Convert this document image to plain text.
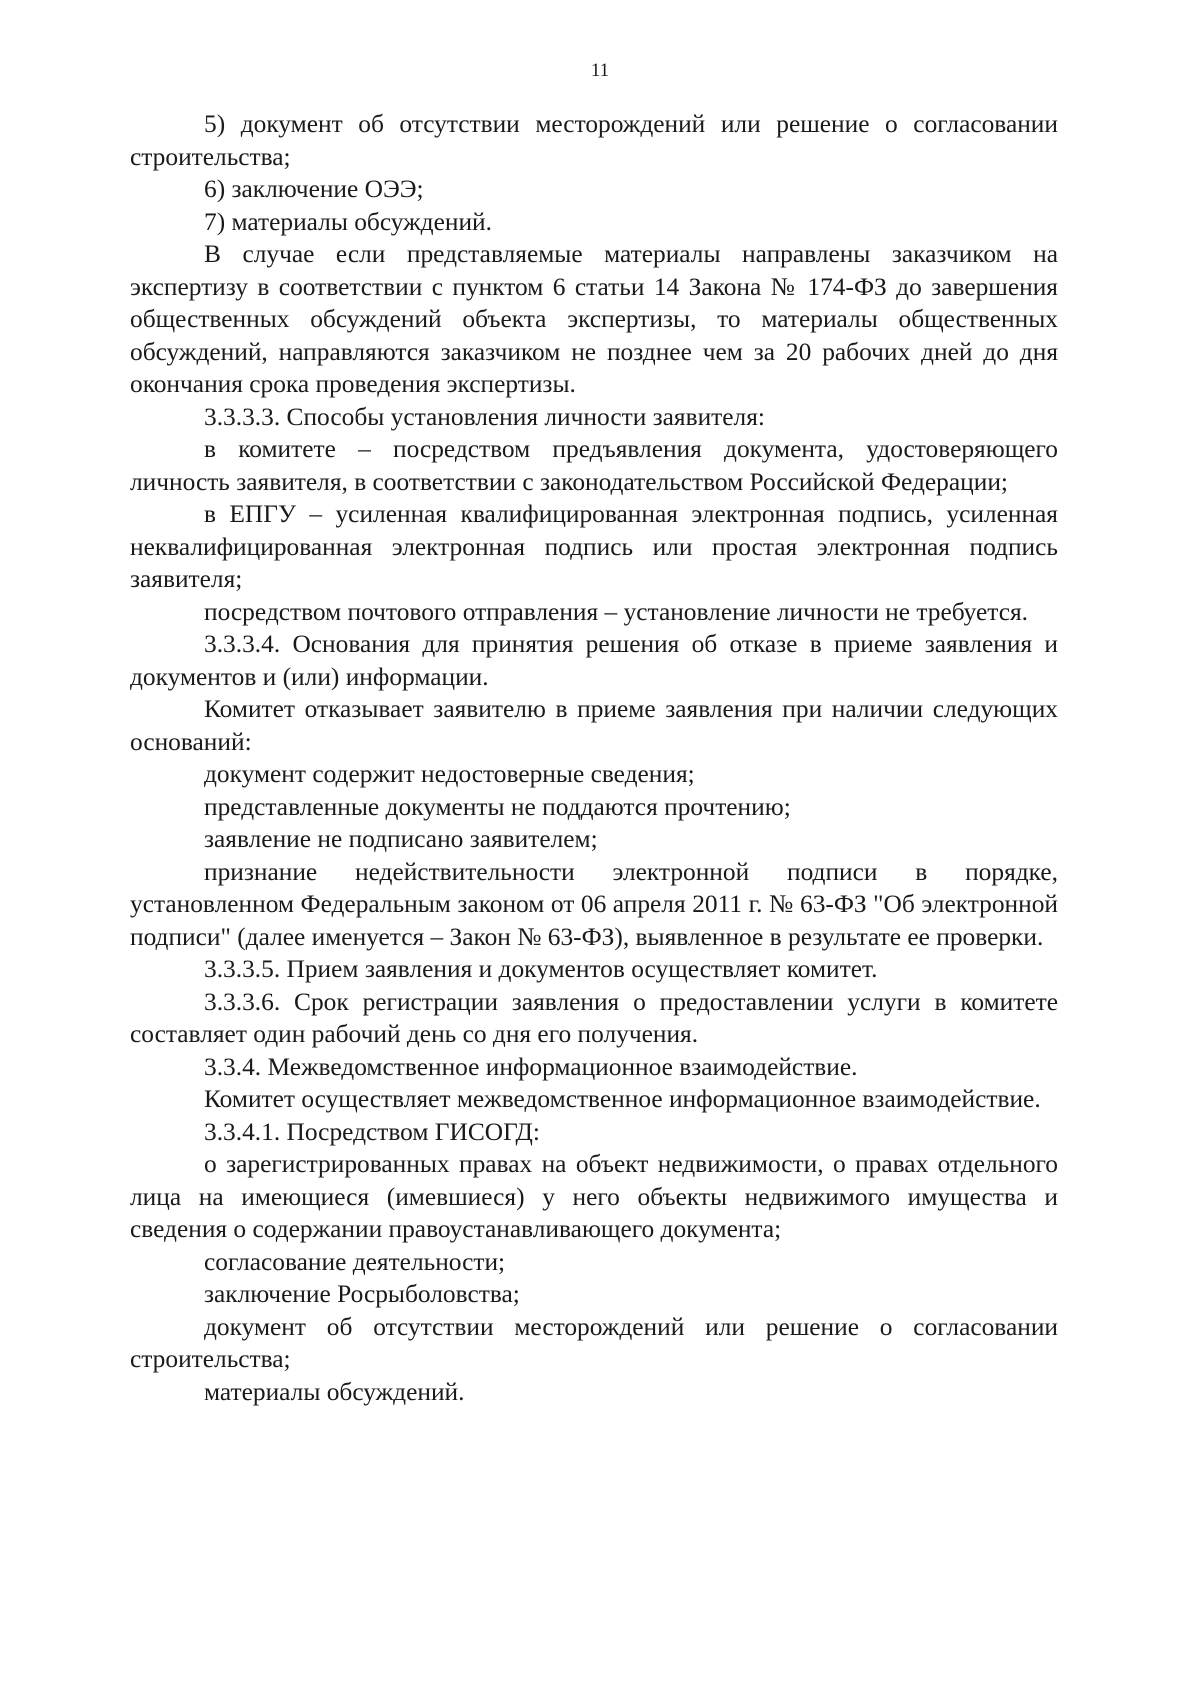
11

5) документ об отсутствии месторождений или решение о согласовании строительства;

6) заключение ОЭЭ;

7) материалы обсуждений.

В случае если представляемые материалы направлены заказчиком на экспертизу в соответствии с пунктом 6 статьи 14 Закона № 174-ФЗ до завершения общественных обсуждений объекта экспертизы, то материалы общественных обсуждений, направляются заказчиком не позднее чем за 20 рабочих дней до дня окончания срока проведения экспертизы.

3.3.3.3. Способы установления личности заявителя:

в комитете – посредством предъявления документа, удостоверяющего личность заявителя, в соответствии с законодательством Российской Федерации;

в ЕПГУ – усиленная квалифицированная электронная подпись, усиленная неквалифицированная электронная подпись или простая электронная подпись заявителя;

посредством почтового отправления – установление личности не требуется.

3.3.3.4. Основания для принятия решения об отказе в приеме заявления и документов и (или) информации.

Комитет отказывает заявителю в приеме заявления при наличии следующих оснований:

документ содержит недостоверные сведения;

представленные документы не поддаются прочтению;

заявление не подписано заявителем;

признание недействительности электронной подписи в порядке, установленном Федеральным законом от 06 апреля 2011 г. № 63-ФЗ "Об электронной подписи" (далее именуется – Закон № 63-ФЗ), выявленное в результате ее проверки.

3.3.3.5. Прием заявления и документов осуществляет комитет.

3.3.3.6. Срок регистрации заявления о предоставлении услуги в комитете составляет один рабочий день со дня его получения.

3.3.4. Межведомственное информационное взаимодействие.

Комитет осуществляет межведомственное информационное взаимодействие.

3.3.4.1. Посредством ГИСОГД:

о зарегистрированных правах на объект недвижимости, о правах отдельного лица на имеющиеся (имевшиеся) у него объекты недвижимого имущества и сведения о содержании правоустанавливающего документа;

согласование деятельности;

заключение Росрыболовства;

документ об отсутствии месторождений или решение о согласовании строительства;

материалы обсуждений.
